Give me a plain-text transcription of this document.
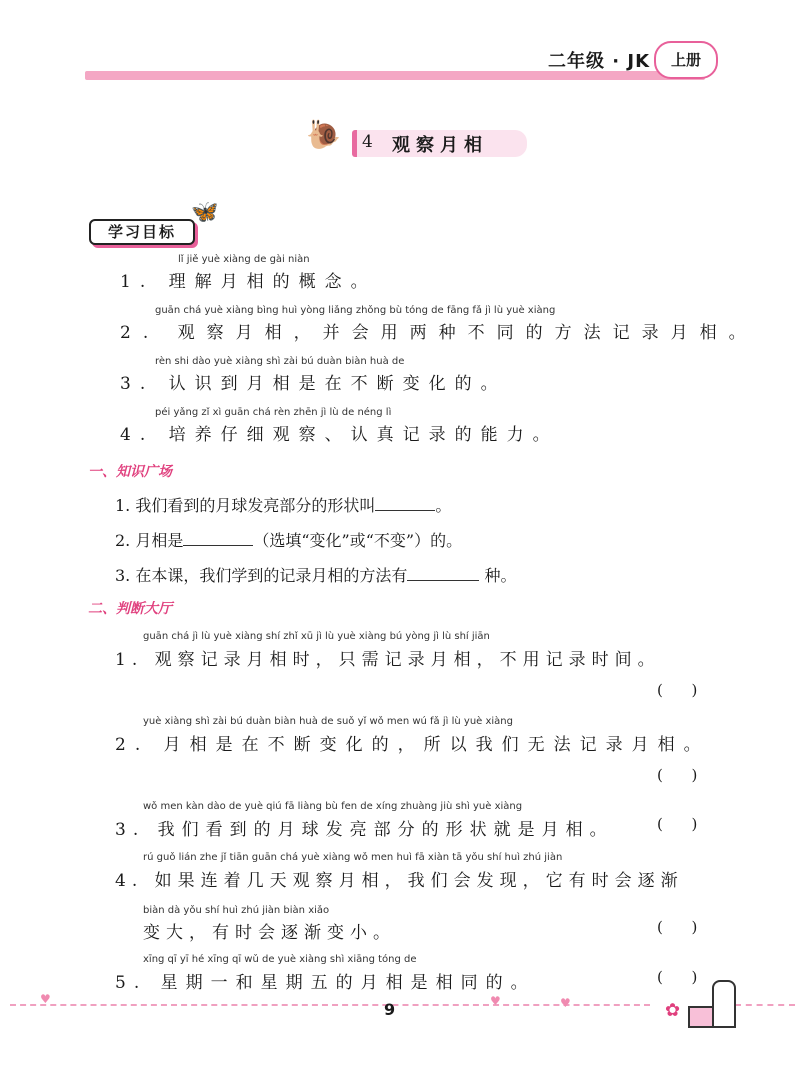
二年级 · JK	上册
🐌 4 观察月相
学习目标
🦋
lǐ jiě yuè xiàng de gài niàn
1. 理解月相的概念。
guān chá yuè xiàng bìng huì yòng liǎng zhǒng bù tóng de fāng fǎ jì lù yuè xiàng
2. 观察月相，并会用两种不同的方法记录月相。
rèn shi dào yuè xiàng shì zài bú duàn biàn huà de
3. 认识到月相是在不断变化的。
péi yǎng zǐ xì guān chá rèn zhēn jì lù de néng lì
4. 培养仔细观察、认真记录的能力。
一、知识广场
1. 我们看到的月球发亮部分的形状叫	。
2. 月相是	（选填“变化”或“不变”）的。
3. 在本课，我们学到的记录月相的方法有	种。
二、判断大厅
guān chá jì lù yuè xiàng shí zhǐ xū jì lù yuè xiàng bú yòng jì lù shí jiān
1. 观察记录月相时，只需记录月相，不用记录时间。
(      )
yuè xiàng shì zài bú duàn biàn huà de suǒ yǐ wǒ men wú fǎ jì lù yuè xiàng
2. 月相是在不断变化的，所以我们无法记录月相。
(      )
wǒ men kàn dào de yuè qiú fā liàng bù fen de xíng zhuàng jiù shì yuè xiàng
3. 我们看到的月球发亮部分的形状就是月相。	(      )
rú guǒ lián zhe jǐ tiān guān chá yuè xiàng wǒ men huì fā xiàn tā yǒu shí huì zhú jiàn
4. 如果连着几天观察月相，我们会发现，它有时会逐渐
biàn dà yǒu shí huì zhú jiàn biàn xiǎo
变大，有时会逐渐变小。	(      )
xīng qī yī hé xīng qī wǔ de yuè xiàng shì xiāng tóng de
5. 星期一和星期五的月相是相同的。	(      )
9
♥	♥	♥	✿
